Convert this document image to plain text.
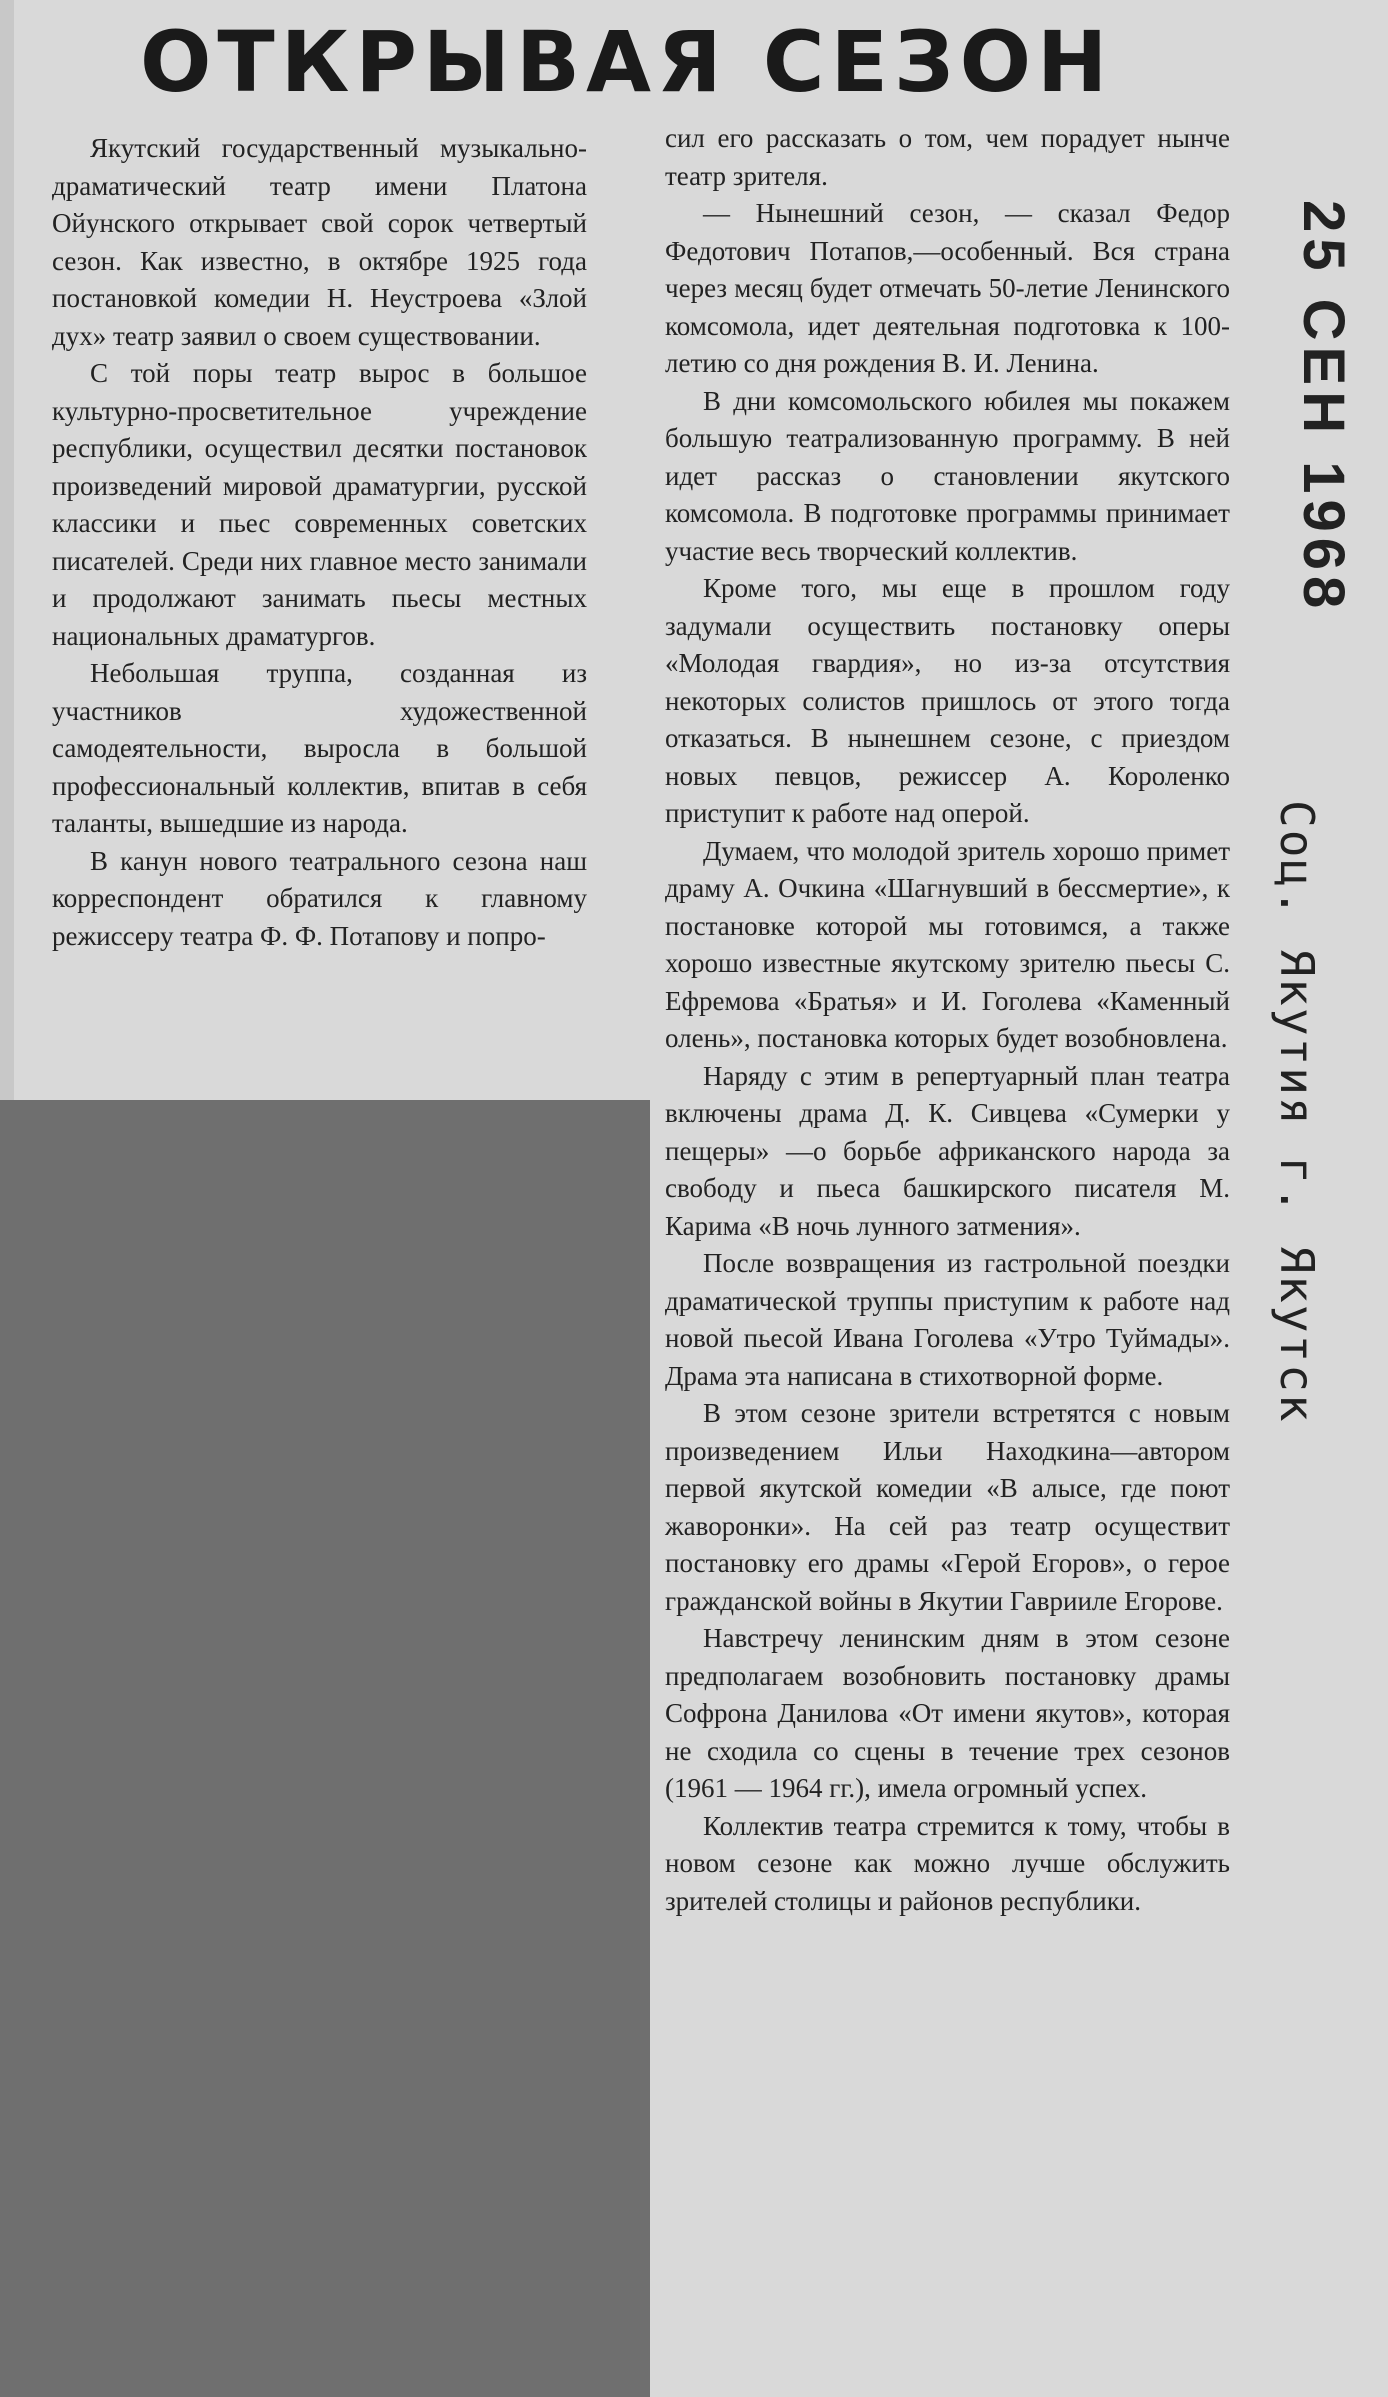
ОТКРЫВАЯ СЕЗОН

Якутский государственный музыкально-драматический театр имени Платона Ойунского открывает свой сорок четвертый сезон. Как известно, в октябре 1925 года постановкой комедии Н. Неустроева «Злой дух» театр заявил о своем существовании.

С той поры театр вырос в большое культурно-просветительное учреждение республики, осуществил десятки постановок произведений мировой драматургии, русской классики и пьес современных советских писателей. Среди них главное место занимали и продолжают занимать пьесы местных национальных драматургов.

Небольшая труппа, созданная из участников художественной самодеятельности, выросла в большой профессиональный коллектив, впитав в себя таланты, вышедшие из народа.

В канун нового театрального сезона наш корреспондент обратился к главному режиссеру театра Ф. Ф. Потапову и попро-

сил его рассказать о том, чем порадует нынче театр зрителя.

— Нынешний сезон, — сказал Федор Федотович Потапов,—особенный. Вся страна через месяц будет отмечать 50-летие Ленинского комсомола, идет деятельная подготовка к 100-летию со дня рождения В. И. Ленина.

В дни комсомольского юбилея мы покажем большую театрализованную программу. В ней идет рассказ о становлении якутского комсомола. В подготовке программы принимает участие весь творческий коллектив.

Кроме того, мы еще в прошлом году задумали осуществить постановку оперы «Молодая гвардия», но из-за отсутствия некоторых солистов пришлось от этого тогда отказаться. В нынешнем сезоне, с приездом новых певцов, режиссер А. Короленко приступит к работе над оперой.

Думаем, что молодой зритель хорошо примет драму А. Очкина «Шагнувший в бессмертие», к постановке которой мы готовимся, а также хорошо известные якутскому зрителю пьесы С. Ефремова «Братья» и И. Гоголева «Каменный олень», постановка которых будет возобновлена.

Наряду с этим в репертуарный план театра включены драма Д. К. Сивцева «Сумерки у пещеры» —о борьбе африканского народа за свободу и пьеса башкирского писателя М. Карима «В ночь лунного затмения».

После возвращения из гастрольной поездки драматической труппы приступим к работе над новой пьесой Ивана Гоголева «Утро Туймады». Драма эта написана в стихотворной форме.

В этом сезоне зрители встретятся с новым произведением Ильи Находкина—автором первой якутской комедии «В алысе, где поют жаворонки». На сей раз театр осуществит постановку его драмы «Герой Егоров», о герое гражданской войны в Якутии Гаврииле Егорове.

Навстречу ленинским дням в этом сезоне предполагаем возобновить постановку драмы Софрона Данилова «От имени якутов», которая не сходила со сцены в течение трех сезонов (1961 — 1964 гг.), имела огромный успех.

Коллектив театра стремится к тому, чтобы в новом сезоне как можно лучше обслужить зрителей столицы и районов республики.

25 СЕН 1968
Соц. Якутия г. Якутск
